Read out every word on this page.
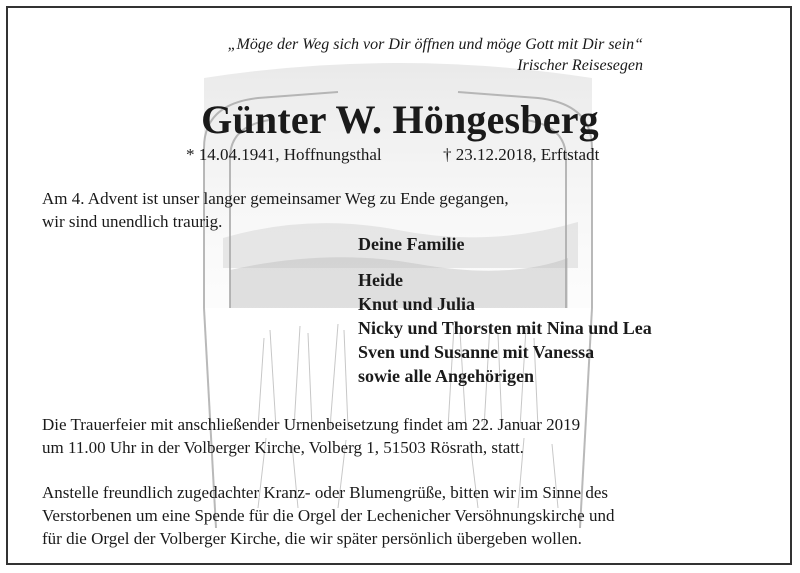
„Möge der Weg sich vor Dir öffnen und möge Gott mit Dir sein“
Irischer Reisesegen
Günter W. Höngesberg
* 14.04.1941, Hoffnungsthal	† 23.12.2018, Erftstadt
Am 4. Advent ist unser langer gemeinsamer Weg zu Ende gegangen,
wir sind unendlich traurig.
Deine Familie
Heide
Knut und Julia
Nicky und Thorsten mit Nina und Lea
Sven und Susanne mit Vanessa
sowie alle Angehörigen
Die Trauerfeier mit anschließender Urnenbeisetzung findet am 22. Januar 2019
um 11.00 Uhr in der Volberger Kirche, Volberg 1, 51503 Rösrath, statt.
Anstelle freundlich zugedachter Kranz- oder Blumengrüße, bitten wir im Sinne des
Verstorbenen um eine Spende für die Orgel der Lechenicher Versöhnungskirche und
für die Orgel der Volberger Kirche, die wir später persönlich übergeben wollen.
